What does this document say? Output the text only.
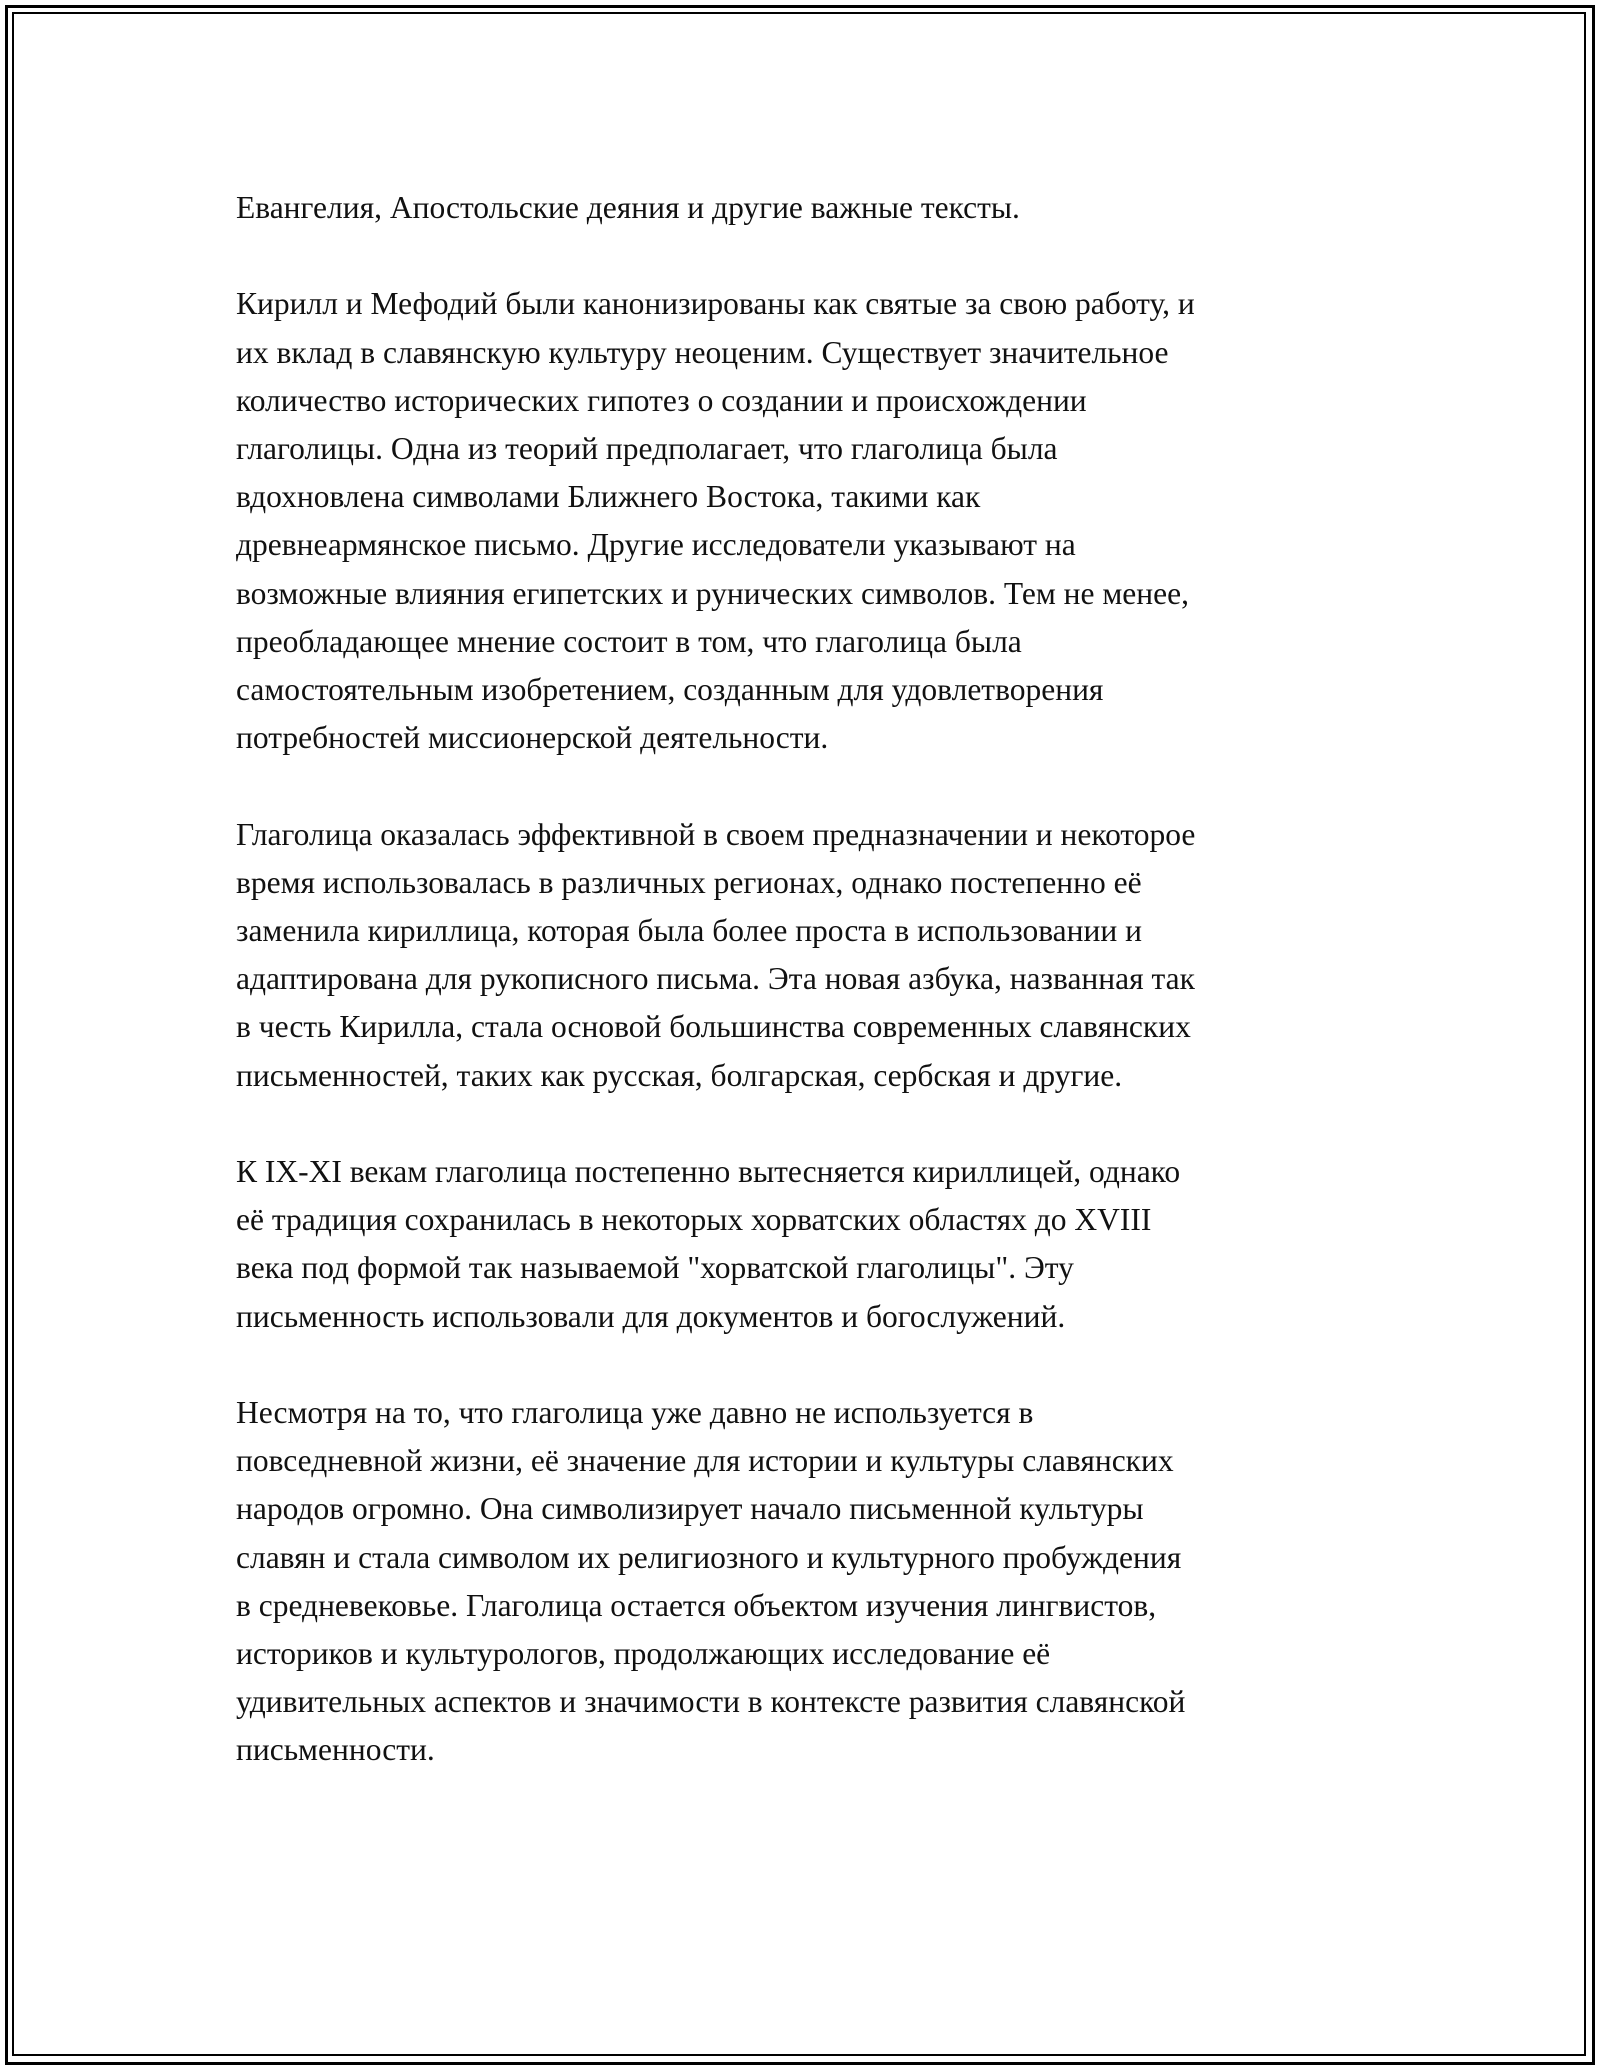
Евангелия, Апостольские деяния и другие важные тексты.

Кирилл и Мефодий были канонизированы как святые за свою работу, и
их вклад в славянскую культуру неоценим. Существует значительное
количество исторических гипотез о создании и происхождении
глаголицы. Одна из теорий предполагает, что глаголица была
вдохновлена символами Ближнего Востока, такими как
древнеармянское письмо. Другие исследователи указывают на
возможные влияния египетских и рунических символов. Тем не менее,
преобладающее мнение состоит в том, что глаголица была
самостоятельным изобретением, созданным для удовлетворения
потребностей миссионерской деятельности.

Глаголица оказалась эффективной в своем предназначении и некоторое
время использовалась в различных регионах, однако постепенно её
заменила кириллица, которая была более проста в использовании и
адаптирована для рукописного письма. Эта новая азбука, названная так
в честь Кирилла, стала основой большинства современных славянских
письменностей, таких как русская, болгарская, сербская и другие.

К IX-XI векам глаголица постепенно вытесняется кириллицей, однако
её традиция сохранилась в некоторых хорватских областях до XVIII
века под формой так называемой "хорватской глаголицы". Эту
письменность использовали для документов и богослужений.

Несмотря на то, что глаголица уже давно не используется в
повседневной жизни, её значение для истории и культуры славянских
народов огромно. Она символизирует начало письменной культуры
славян и стала символом их религиозного и культурного пробуждения
в средневековье. Глаголица остается объектом изучения лингвистов,
историков и культурологов, продолжающих исследование её
удивительных аспектов и значимости в контексте развития славянской
письменности.
